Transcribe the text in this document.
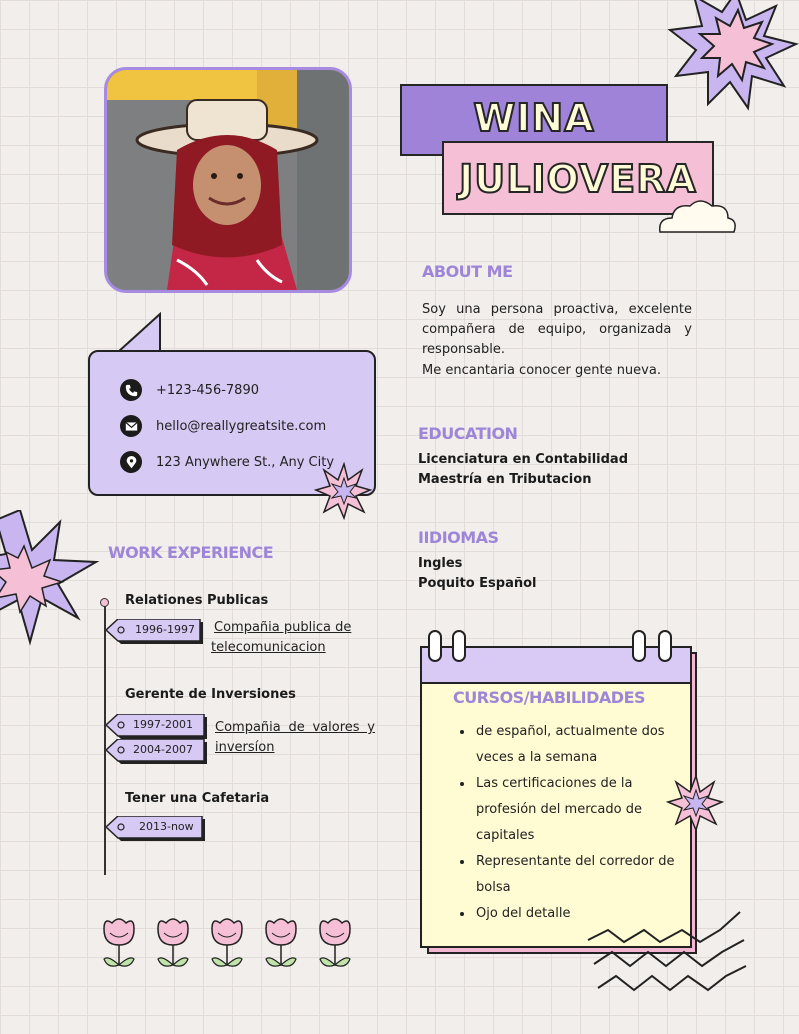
WINA
JULIOVERA
ABOUT ME
Soy una persona proactiva, excelente
compañera de equipo, organizada y
responsable.
Me encantaria conocer gente nueva.
+123-456-7890
hello@reallygreatsite.com
123 Anywhere St., Any City
EDUCATION
Licenciatura en Contabilidad
Maestría en Tributacion
IIDIOMAS
Ingles
Poquito Español
WORK EXPERIENCE
Relationes Publicas
1996-1997 Compañia publica de
telecomunicacion
Gerente de Inversiones
1997-2001
2004-2007
Compañia de valores y
inversíon
Tener una Cafetaria
2013-now
CURSOS/HABILIDADES
• de español, actualmente dos
veces a la semana
• Las certificaciones de la
profesión del mercado de
capitales
• Representante del corredor de
bolsa
• Ojo del detalle
